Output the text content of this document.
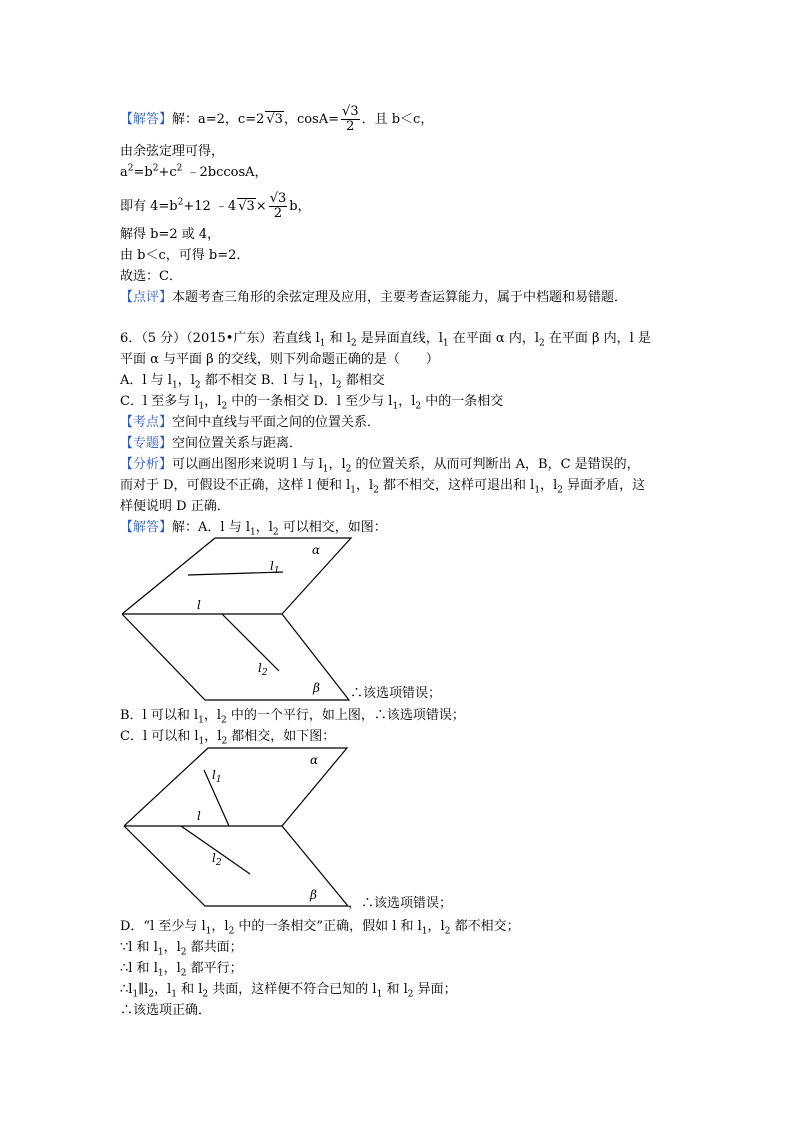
【解答】解：a=2，c=2 √3，$\cos A= \frac{√3}{2}$ ．且 b＜c，
由余弦定理可得，
$a^2=b^2+c^2$ ﹣2bccosA，
即有 $4=b^2+12$ ﹣4 $√3\times \frac{√3}{2}$ b，
解得 b=2 或 4，
由 b＜c，可得 b=2．
故选：C．
【点评】本题考查三角形的余弦定理及应用，主要考查运算能力，属于中档题和易错题．
6．（5 分）（2015•广东）若直线 $l_1$ 和 $l_2$ 是异面直线，$l_1$ 在平面 α 内，$l_2$ 在平面 β 内，l 是
平面 α 与平面 β 的交线，则下列命题正确的是（　　）
A．l 与 $l_1$，$l_2$ 都不相交 B．l 与 $l_1$，$l_2$ 都相交
C．l 至多与 $l_1$，$l_2$ 中的一条相交 D．l 至少与 $l_1$，$l_2$ 中的一条相交
【考点】空间中直线与平面之间的位置关系．
【专题】空间位置关系与距离．
【分析】可以画出图形来说明 l 与 $l_1$，$l_2$ 的位置关系，从而可判断出 A，B，C 是错误的，
而对于 D，可假设不正确，这样 l 便和 $l_1$，$l_2$ 都不相交，这样可退出和 $l_1$，$l_2$ 异面矛盾，这
样便说明 D 正确．
【解答】解：A．l 与 $l_1$，$l_2$ 可以相交，如图：
α
β
l
$l_1$
$l_2$
α
β
l
$l_1$
$l_2$
∴该选项错误；
B．l 可以和 $l_1$，$l_2$ 中的一个平行，如上图，∴该选项错误；
C．l 可以和 $l_1$，$l_2$ 都相交，如下图：
，∴该选项错误；
D．“l 至少与 $l_1$，$l_2$ 中的一条相交”正确，假如 l 和 $l_1$，$l_2$ 都不相交；
∵l 和 $l_1$，$l_2$ 都共面；
∴l 和 $l_1$，$l_2$ 都平行；
$\therefore l_1\parallel l_2$，$l_1$ 和 $l_2$ 共面，这样便不符合已知的 $l_1$ 和 $l_2$ 异面；
∴该选项正确．
